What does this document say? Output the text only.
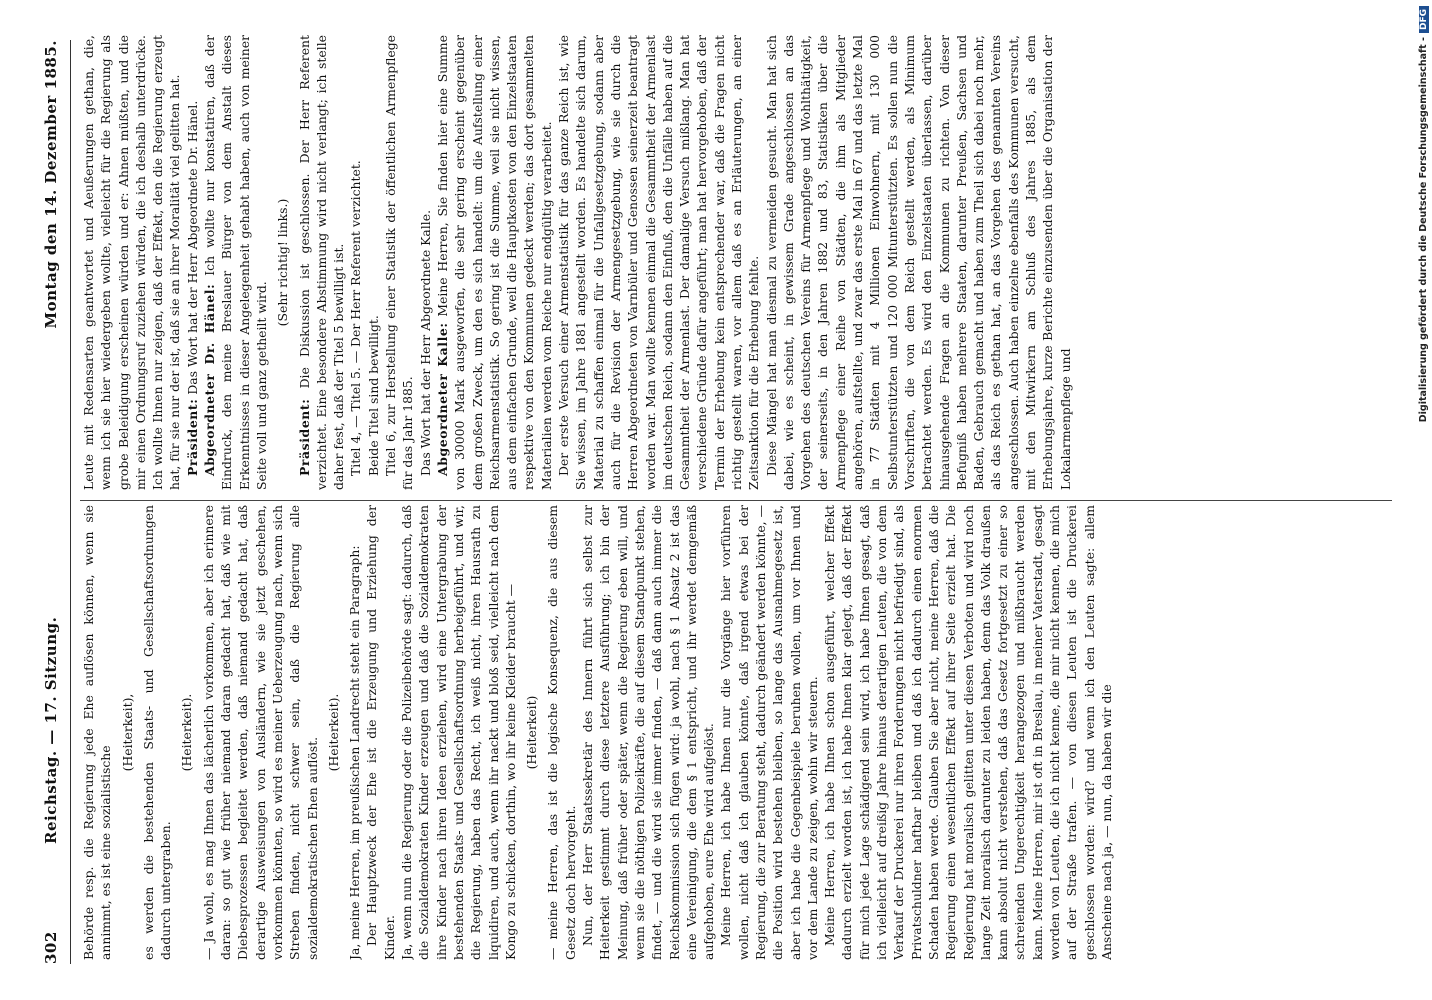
302
Reichstag. — 17. Sitzung.
Montag den 14. Dezember 1885.

Behörde resp. die Regierung jede Ehe auflösen können, wenn sie annimmt, es ist eine sozialistische

(Heiterkeit), es werden die bestehenden Staats- und Gesellschaftsordnungen dadurch untergraben.

(Heiterkeit). — Ja wohl, es mag Ihnen das lächerlich vorkommen, aber ich erinnere daran: so gut wie früher niemand daran gedacht hat, daß wie mit Diebesprozessen begleitet werden, daß niemand gedacht hat, daß derartige Ausweisungen von Ausländern, wie sie jetzt geschehen, vorkommen könnten, so wird es meiner Ueberzeugung nach, wenn sich Streben finden, nicht schwer sein, daß die Regierung alle sozialdemokratischen Ehen auflöst.

(Heiterkeit). Ja, meine Herren, im preußischen Landrecht steht ein Paragraph: Der Hauptzweck der Ehe ist die Erzeugung und Erziehung der Kinder. Ja, wenn nun die Regierung oder die Polizeibehörde sagt: dadurch, daß die Sozialdemokraten Kinder erzeugen und daß die Sozialdemokraten ihre Kinder nach ihren Ideen erziehen, wird eine Untergrabung der bestehenden Staats- und Gesellschaftsordnung herbeigeführt, und wir, die Regierung, haben das Recht, ich weiß nicht, ihren Hausrath zu liquidiren, und auch, wenn ihr nackt und bloß seid, vielleicht nach dem Kongo zu schicken, dorthin, wo ihr keine Kleider braucht — (Heiterkeit) — meine Herren, das ist die logische Konsequenz, die aus diesem Gesetz doch hervorgeht. Nun, der Herr Staatssekretär des Innern führt sich selbst zur Heiterkeit gestimmt durch diese letztere Ausführung; ich bin der Meinung, daß früher oder später, wenn die Regierung eben will, und wenn sie die nöthigen Polizeikräfte, die auf diesem Standpunkt stehen, findet, — und die wird sie immer finden, — daß dann auch immer die Reichskommission sich fügen wird: ja wohl, nach § 1 Absatz 2 ist das eine Vereinigung, die dem § 1 entspricht, und ihr werdet demgemäß aufgehoben, eure Ehe wird aufgelöst. Meine Herren, ich habe Ihnen nur die Vorgänge hier vorführen wollen, nicht daß ich glauben könnte, daß irgend etwas bei der Regierung, die zur Beratung steht, dadurch geändert werden könnte, — die Position wird bestehen bleiben, so lange das Ausnahmegesetz ist, aber ich habe die Gegenbeispiele beruhen wollen, um vor Ihnen und vor dem Lande zu zeigen, wohin wir steuern. Meine Herren, ich habe Ihnen schon ausgeführt, welcher Effekt dadurch erzielt worden ist, ich habe Ihnen klar gelegt, daß der Effekt für mich jede Lage schädigend sein wird, ich habe Ihnen gesagt, daß ich vielleicht auf dreißig Jahre hinaus derartigen Leuten, die von dem Verkauf der Druckerei nur ihren Forderungen nicht befriedigt sind, als Privatschuldner haftbar bleiben und daß ich dadurch einen enormen Schaden haben werde. Glauben Sie aber nicht, meine Herren, daß die Regierung einen wesentlichen Effekt auf ihrer Seite erzielt hat. Die Regierung hat moralisch gelitten unter diesen Verboten und wird noch lange Zeit moralisch darunter zu leiden haben, denn das Volk draußen kann absolut nicht verstehen, daß das Gesetz fortgesetzt zu einer so schreienden Ungerechtigkeit herangezogen und mißbraucht werden kann. Meine Herren, mir ist oft in Breslau, in meiner Vaterstadt, gesagt worden von Leuten, die ich nicht kenne, die mir nicht kennen, die mich auf der Straße trafen. — von diesen Leuten ist die Druckerei geschlossen worden: wird? und wenn ich den Leuten sagte: allem Anscheine nach ja, — nun, da haben wir die

Leute mit Redensarten geantwortet und Aeußerungen gethan, die, wenn ich sie hier wiedergeben wollte, vielleicht für die Regierung als grobe Beleidigung erscheinen würden und er: Ahnen müßten, und die mir einen Ordnungsruf zuziehen würden, die ich deshalb unterdrücke. Ich wollte Ihnen nur zeigen, daß der Effekt, den die Regierung erzeugt hat, für sie nur der ist, daß sie an ihrer Moralität viel gelitten hat. Präsident: Das Wort hat der Herr Abgeordnete Dr. Hänel. Abgeordneter Dr. Hänel: Ich wollte nur konstatiren, daß der Eindruck, den meine Breslauer Bürger von dem Anstalt dieses Erkenntnisses in dieser Angelegenheit gehabt haben, auch von meiner Seite voll und ganz getheilt wird.

(Sehr richtig! links.)

Präsident: Die Diskussion ist geschlossen. Der Herr Referent verzichtet. Eine besondere Abstimmung wird nicht verlangt; ich stelle daher fest, daß der Titel 5 bewilligt ist. Titel 4, — Titel 5. — Der Herr Referent verzichtet. Beide Titel sind bewilligt. Titel 6, zur Herstellung einer Statistik der öffentlichen Armenpflege für das Jahr 1885. Das Wort hat der Herr Abgeordnete Kalle. Abgeordneter Kalle: Meine Herren, Sie finden hier eine Summe von 30000 Mark ausgeworfen, die sehr gering erscheint gegenüber dem großen Zweck, um den es sich handelt: um die Aufstellung einer Reichsarmenstatistik. So gering ist die Summe, weil sie nicht wissen, aus dem einfachen Grunde, weil die Hauptkosten von den Einzelstaaten respektive von den Kommunen gedeckt werden; das dort gesammelten Materialien werden vom Reiche nur endgültig verarbeitet. Der erste Versuch einer Armenstatistik für das ganze Reich ist, wie Sie wissen, im Jahre 1881 angestellt worden. Es handelte sich darum, Material zu schaffen einmal für die Unfallgesetzgebung, sodann aber auch für die Revision der Armengesetzgebung, wie sie durch die Herren Abgeordneten von Varnbüler und Genossen seinerzeit beantragt worden war. Man wollte kennen einmal die Gesammtheit der Armenlast im deutschen Reich, sodann den Einfluß, den die Unfälle haben auf die Gesammtheit der Armenlast. Der damalige Versuch mißlang. Man hat verschiedene Gründe dafür angeführt; man hat hervorgehoben, daß der Termin der Erhebung kein entsprechender war, daß die Fragen nicht richtig gestellt waren, vor allem daß es an Erläuterungen, an einer Zeitsanktion für die Erhebung fehlte. Diese Mängel hat man diesmal zu vermeiden gesucht. Man hat sich dabei, wie es scheint, in gewissem Grade angeschlossen an das Vorgehen des deutschen Vereins für Armenpflege und Wohlthätigkeit, der seinerseits, in den Jahren 1882 und 83, Statistiken über die Armenpflege einer Reihe von Städten, die ihm als Mitglieder angehören, aufstellte, und zwar das erste Mal in 67 und das letzte Mal in 77 Städten mit 4 Millionen Einwohnern, mit 130 000 Selbstunterstützten und 120 000 Mitunterstützten. Es sollen nun die Vorschriften, die von dem Reich gestellt werden, als Minimum betrachtet werden. Es wird den Einzelstaaten überlassen, darüber hinausgehende Fragen an die Kommunen zu richten. Von dieser Befugniß haben mehrere Staaten, darunter Preußen, Sachsen und Baden, Gebrauch gemacht und haben zum Theil sich dabei noch mehr, als das Reich es gethan hat, an das Vorgehen des genannten Vereins angeschlossen. Auch haben einzelne ebenfalls des Kommunen versucht, mit den Mitwirkern am Schluß des Jahres 1885, als dem Erhebungsjahre, kurze Berichte einzusenden über die Organisation der Lokalarmenpflege und	Digitalisierung gefördert durch die Deutsche Forschungsgemeinschaft -DFG
